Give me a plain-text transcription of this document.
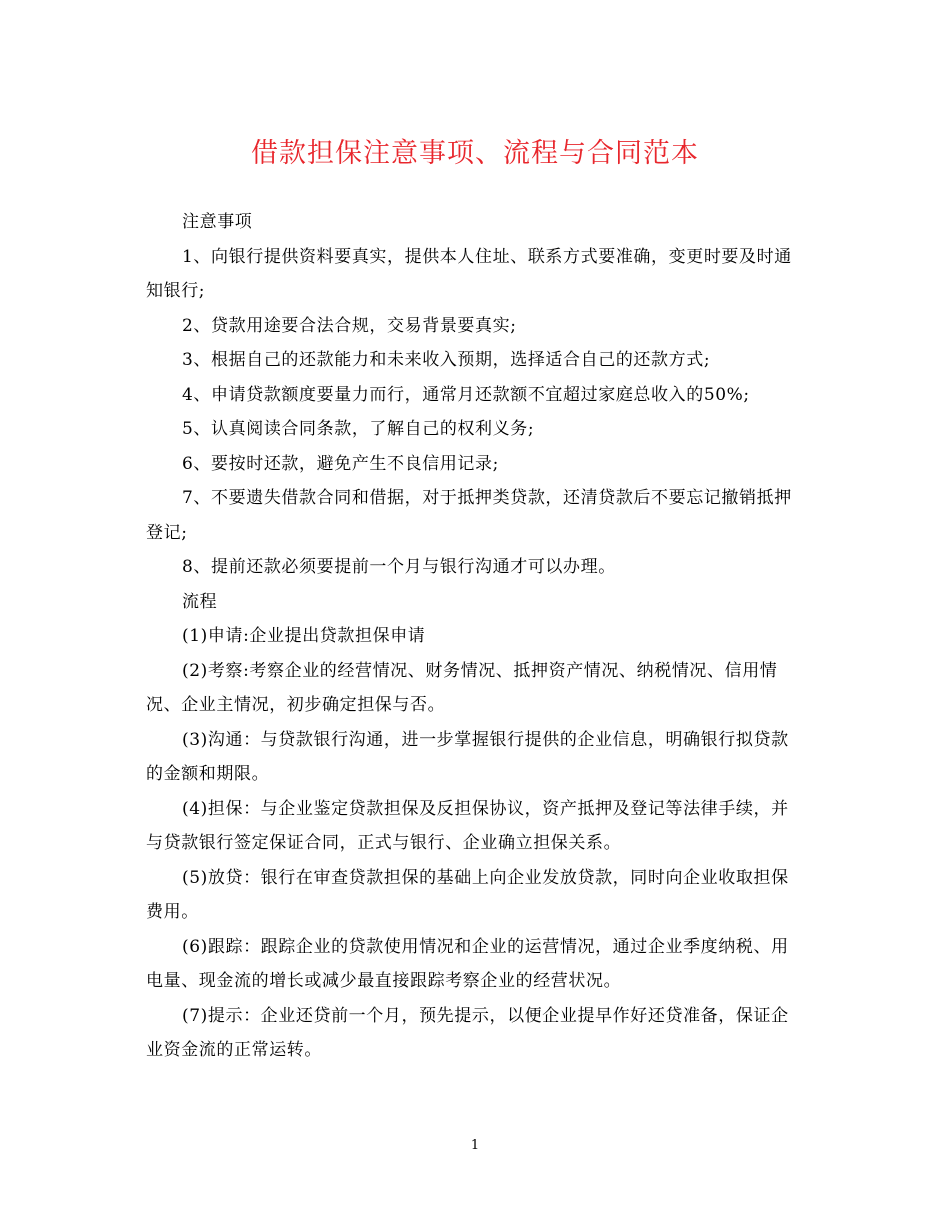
借款担保注意事项、流程与合同范本

注意事项

1、向银行提供资料要真实，提供本人住址、联系方式要准确，变更时要及时通知银行;

2、贷款用途要合法合规，交易背景要真实;

3、根据自己的还款能力和未来收入预期，选择适合自己的还款方式;

4、申请贷款额度要量力而行，通常月还款额不宜超过家庭总收入的50%;

5、认真阅读合同条款，了解自己的权利义务;

6、要按时还款，避免产生不良信用记录;

7、不要遗失借款合同和借据，对于抵押类贷款，还清贷款后不要忘记撤销抵押登记;

8、提前还款必须要提前一个月与银行沟通才可以办理。

流程

(1)申请:企业提出贷款担保申请

(2)考察:考察企业的经营情况、财务情况、抵押资产情况、纳税情况、信用情况、企业主情况，初步确定担保与否。

(3)沟通：与贷款银行沟通，进一步掌握银行提供的企业信息，明确银行拟贷款的金额和期限。

(4)担保：与企业鉴定贷款担保及反担保协议，资产抵押及登记等法律手续，并与贷款银行签定保证合同，正式与银行、企业确立担保关系。

(5)放贷：银行在审查贷款担保的基础上向企业发放贷款，同时向企业收取担保费用。

(6)跟踪：跟踪企业的贷款使用情况和企业的运营情况，通过企业季度纳税、用电量、现金流的增长或减少最直接跟踪考察企业的经营状况。

(7)提示：企业还贷前一个月，预先提示，以便企业提早作好还贷准备，保证企业资金流的正常运转。

1
